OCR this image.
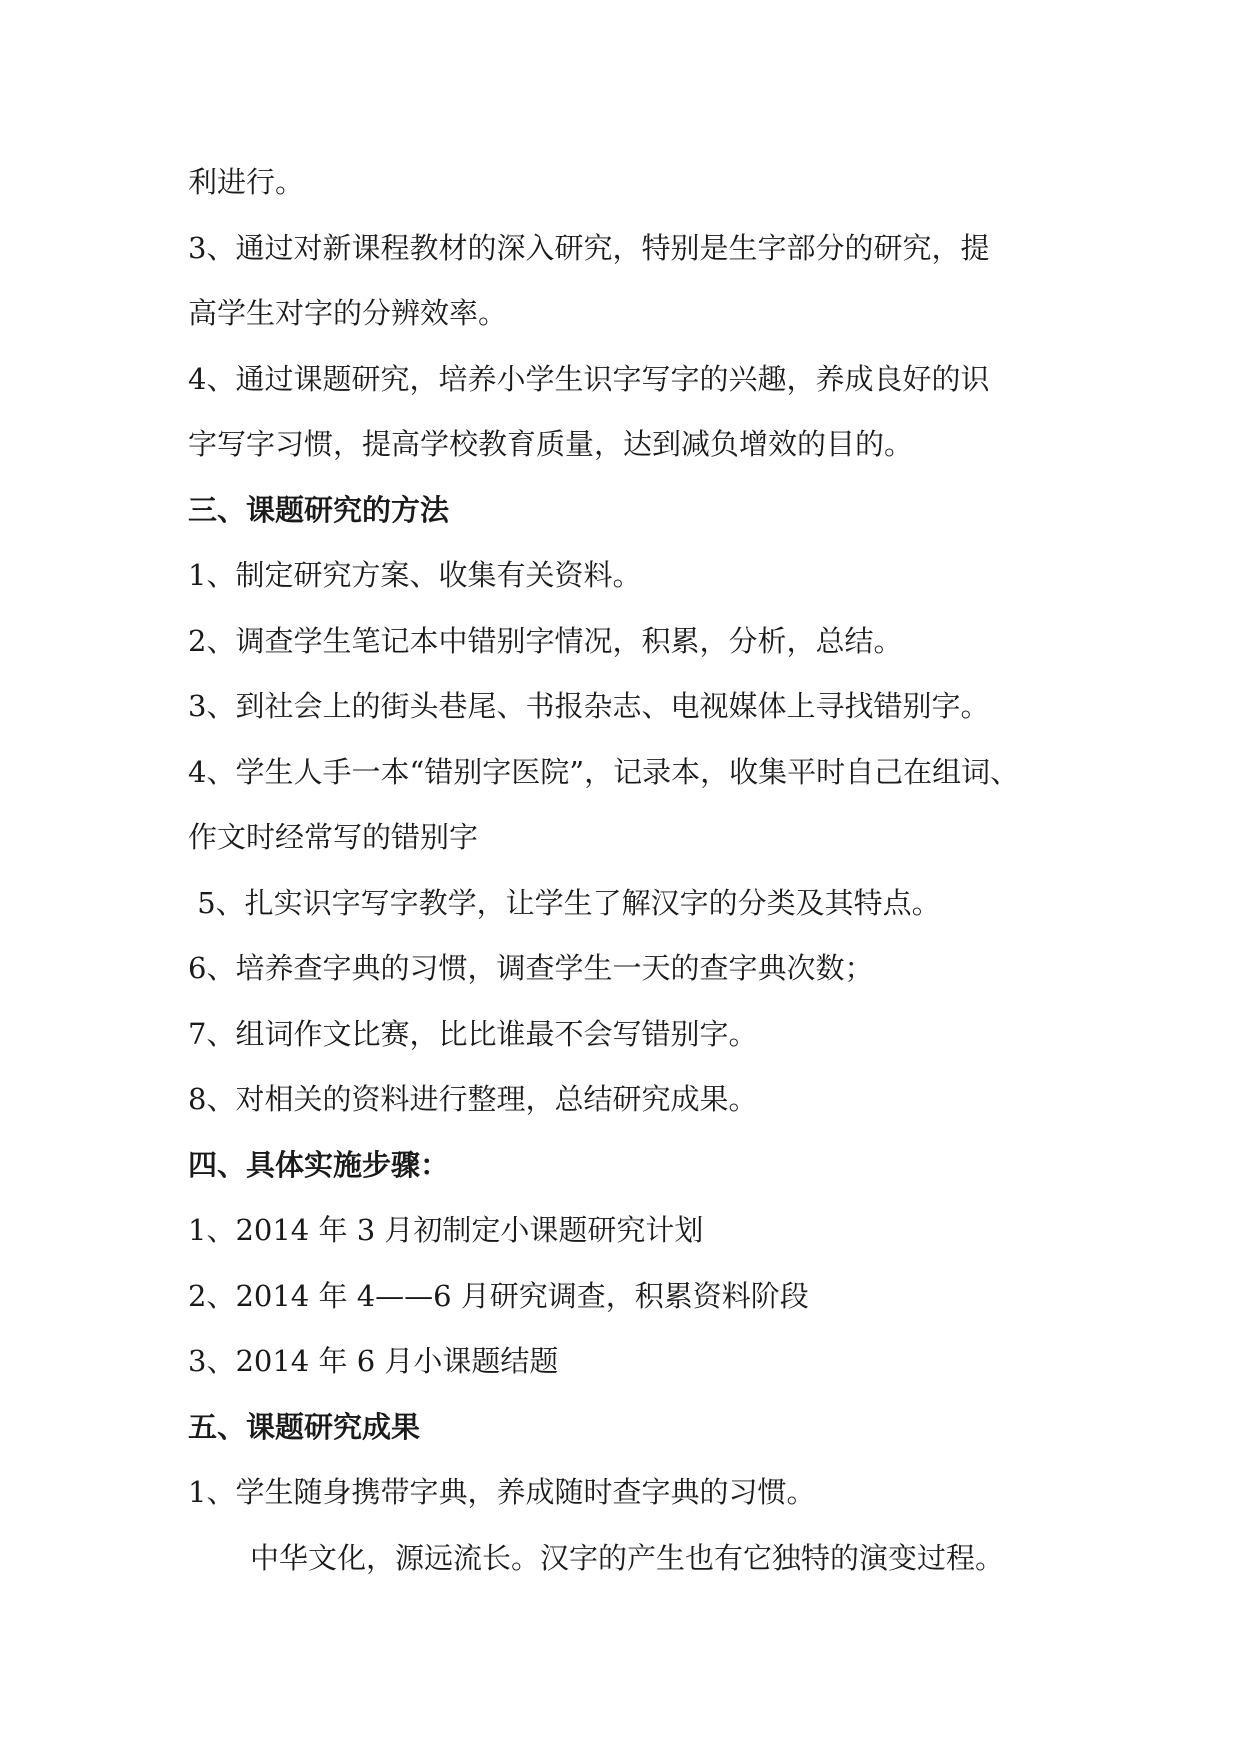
利进行。
3、通过对新课程教材的深入研究，特别是生字部分的研究，提
高学生对字的分辨效率。
4、通过课题研究，培养小学生识字写字的兴趣，养成良好的识
字写字习惯，提高学校教育质量，达到减负增效的目的。
三、课题研究的方法
1、制定研究方案、收集有关资料。
2、调查学生笔记本中错别字情况，积累，分析，总结。
3、到社会上的街头巷尾、书报杂志、电视媒体上寻找错别字。
4、学生人手一本“错别字医院”，记录本，收集平时自己在组词、
作文时经常写的错别字
5、扎实识字写字教学，让学生了解汉字的分类及其特点。
6、培养查字典的习惯，调查学生一天的查字典次数；
7、组词作文比赛，比比谁最不会写错别字。
8、对相关的资料进行整理，总结研究成果。
四、具体实施步骤：
1、2014 年 3 月初制定小课题研究计划
2、2014 年 4——6 月研究调查，积累资料阶段
3、2014 年 6 月小课题结题
五、课题研究成果
1、学生随身携带字典，养成随时查字典的习惯。
中华文化，源远流长。汉字的产生也有它独特的演变过程。
